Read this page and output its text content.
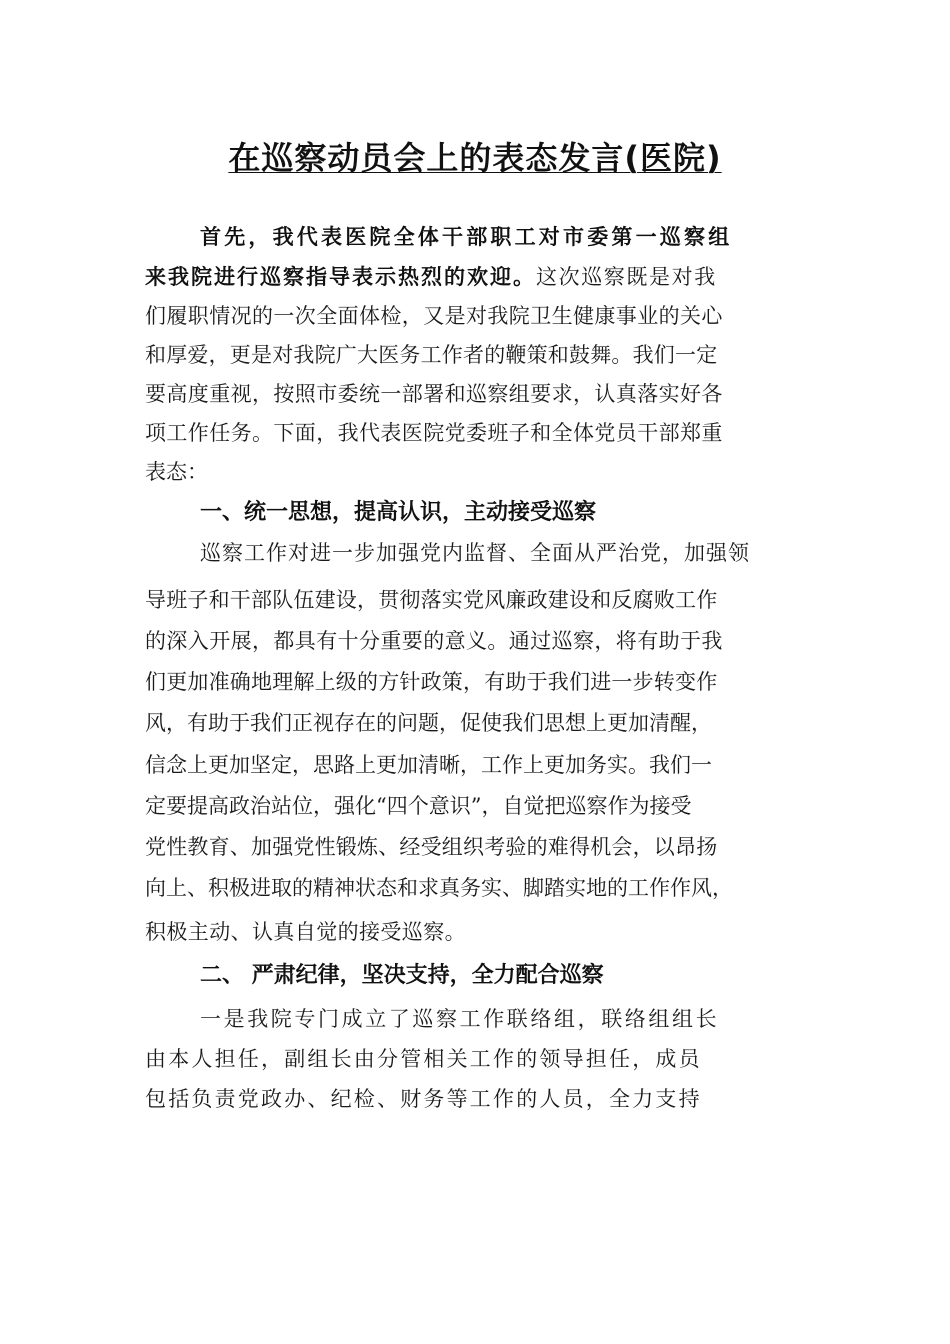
在巡察动员会上的表态发言(医院)
首先，我代表医院全体干部职工对市委第一巡察组
来我院进行巡察指导表示热烈的欢迎。这次巡察既是对我
们履职情况的一次全面体检，又是对我院卫生健康事业的关心
和厚爱，更是对我院广大医务工作者的鞭策和鼓舞。我们一定
要高度重视，按照市委统一部署和巡察组要求，认真落实好各
项工作任务。下面，我代表医院党委班子和全体党员干部郑重
表态：
一、统一思想，提高认识，主动接受巡察
巡察工作对进一步加强党内监督、全面从严治党，加强领
导班子和干部队伍建设，贯彻落实党风廉政建设和反腐败工作
的深入开展，都具有十分重要的意义。通过巡察，将有助于我
们更加准确地理解上级的方针政策，有助于我们进一步转变作
风，有助于我们正视存在的问题，促使我们思想上更加清醒，
信念上更加坚定，思路上更加清晰，工作上更加务实。我们一
定要提高政治站位，强化“四个意识”，自觉把巡察作为接受
党性教育、加强党性锻炼、经受组织考验的难得机会，以昂扬
向上、积极进取的精神状态和求真务实、脚踏实地的工作作风，
积极主动、认真自觉的接受巡察。
二、 严肃纪律，坚决支持，全力配合巡察
一是我院专门成立了巡察工作联络组，联络组组长
由本人担任，副组长由分管相关工作的领导担任，成员
包括负责党政办、纪检、财务等工作的人员，全力支持
